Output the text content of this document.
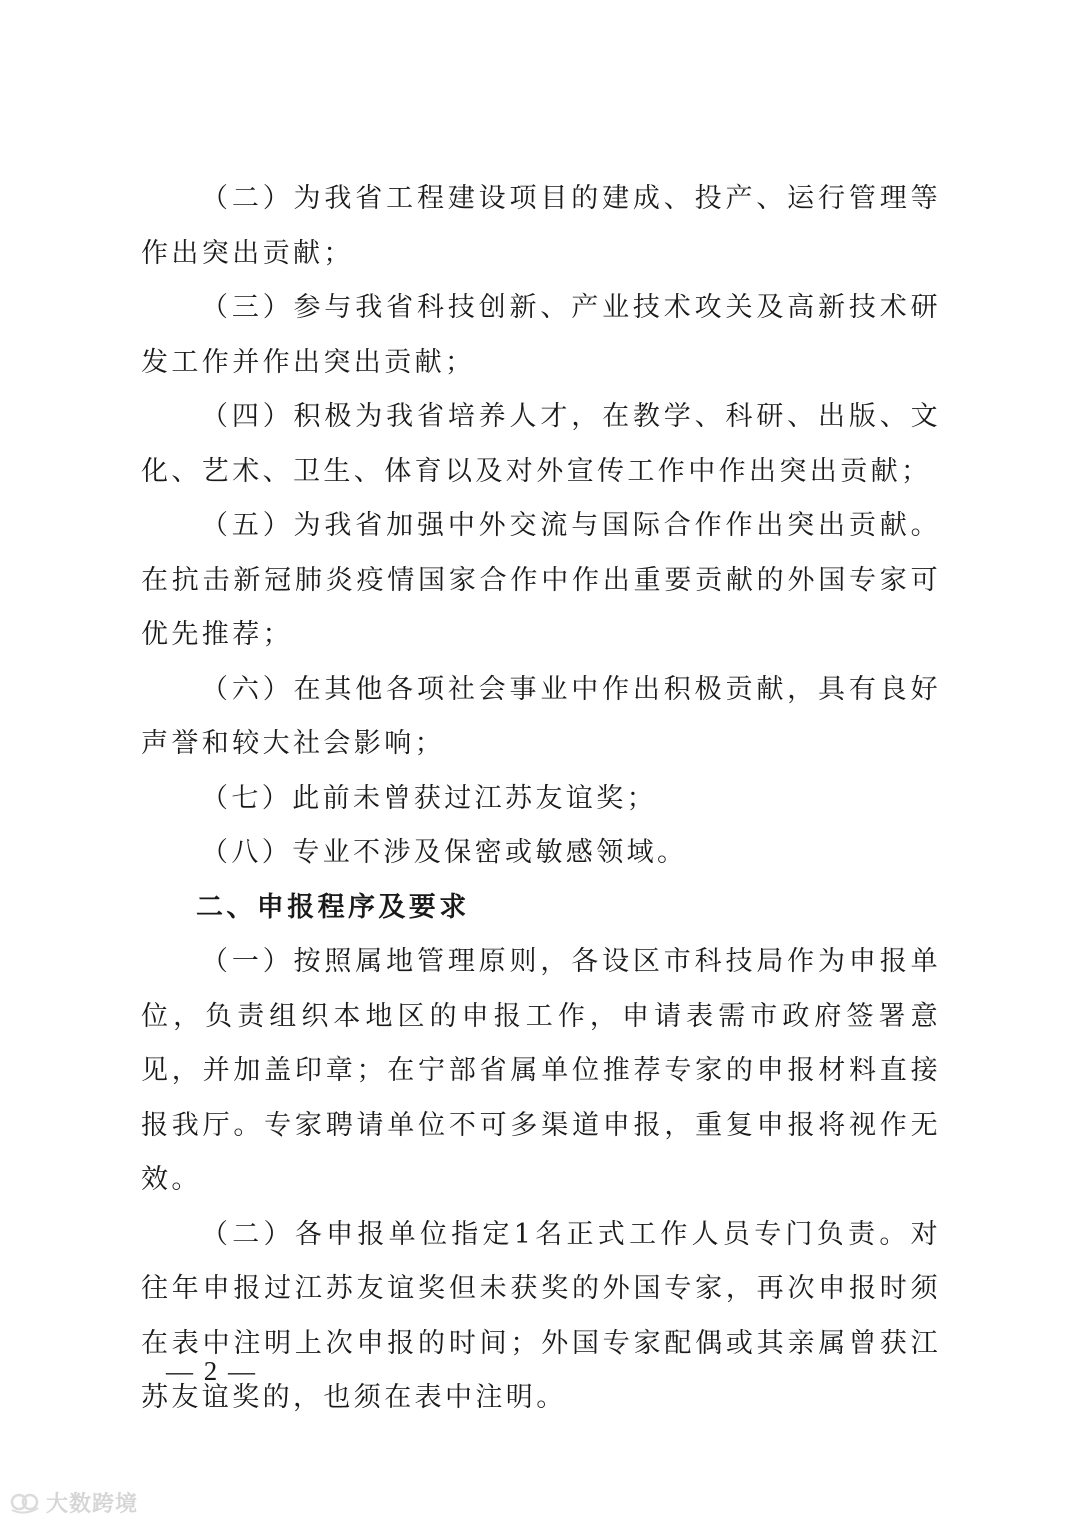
（二）为我省工程建设项目的建成、投产、运行管理等作出突出贡献；

（三）参与我省科技创新、产业技术攻关及高新技术研发工作并作出突出贡献；

（四）积极为我省培养人才，在教学、科研、出版、文化、艺术、卫生、体育以及对外宣传工作中作出突出贡献；

（五）为我省加强中外交流与国际合作作出突出贡献。在抗击新冠肺炎疫情国家合作中作出重要贡献的外国专家可优先推荐；

（六）在其他各项社会事业中作出积极贡献，具有良好声誉和较大社会影响；

（七）此前未曾获过江苏友谊奖；

（八）专业不涉及保密或敏感领域。

二、申报程序及要求

（一）按照属地管理原则，各设区市科技局作为申报单位，负责组织本地区的申报工作，申请表需市政府签署意见，并加盖印章；在宁部省属单位推荐专家的申报材料直接报我厅。专家聘请单位不可多渠道申报，重复申报将视作无效。

（二）各申报单位指定1名正式工作人员专门负责。对往年申报过江苏友谊奖但未获奖的外国专家，再次申报时须在表中注明上次申报的时间；外国专家配偶或其亲属曾获江苏友谊奖的，也须在表中注明。

— 2 —
大数跨境
